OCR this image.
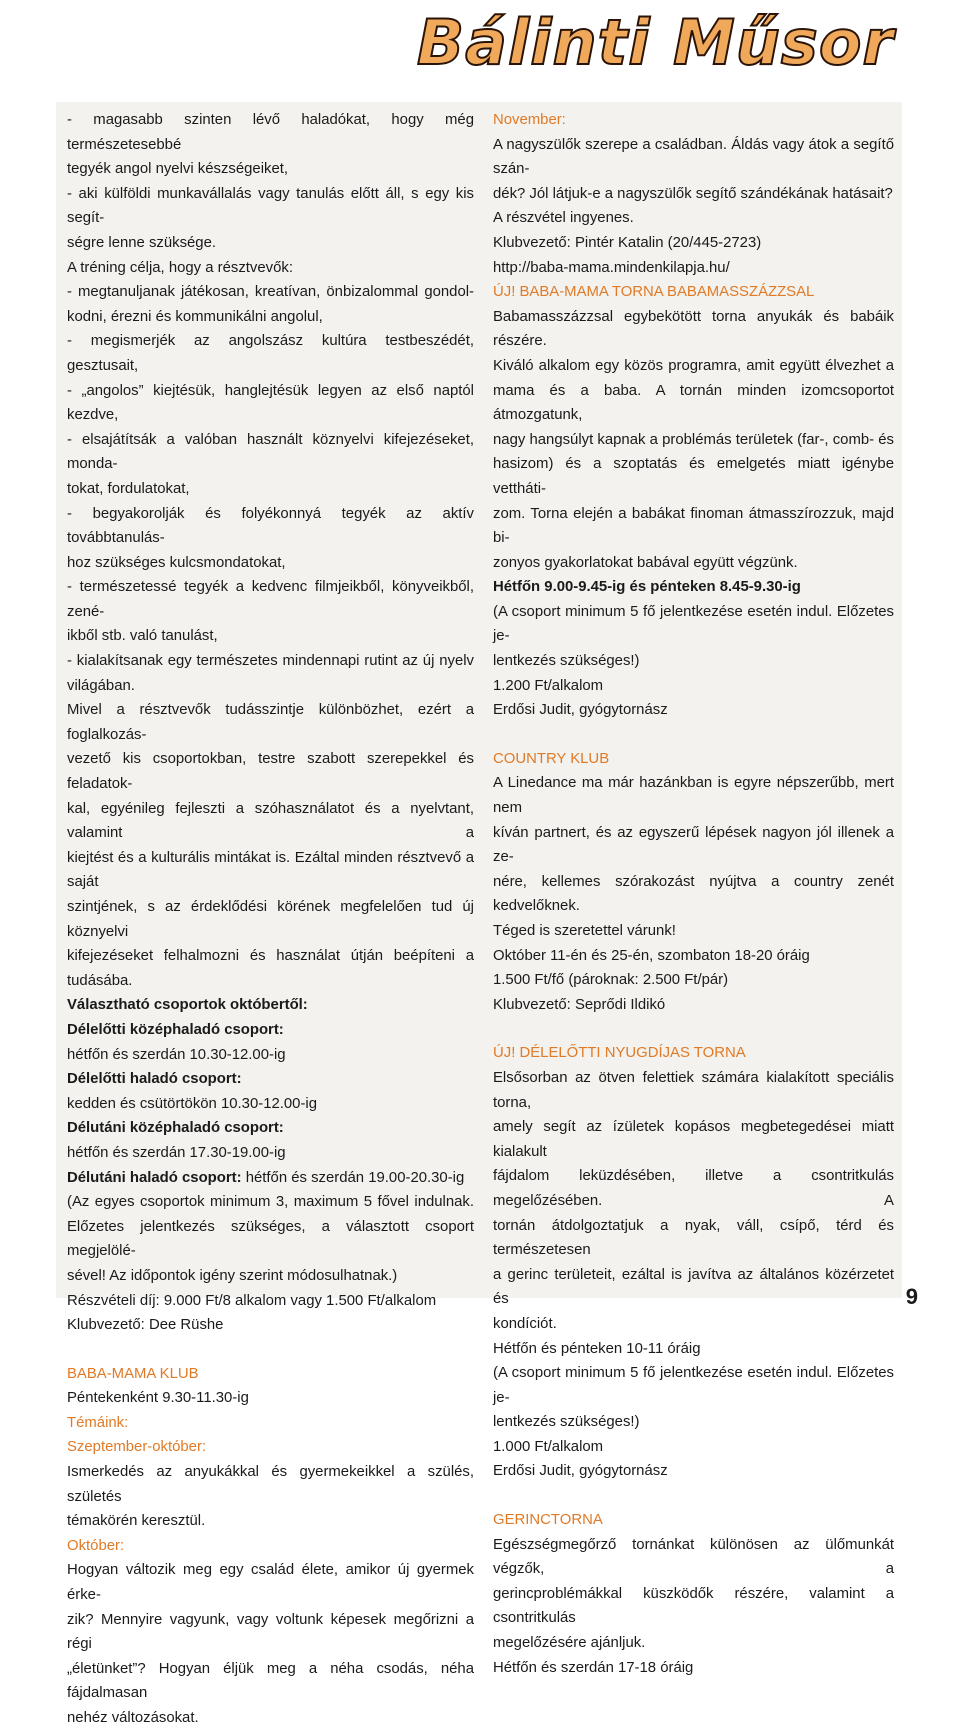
Bálinti Műsor
- magasabb szinten lévő haladókat, hogy még természetesebbé
tegyék angol nyelvi készségeiket,
- aki külföldi munkavállalás vagy tanulás előtt áll, s egy kis segít-
ségre lenne szüksége.
A tréning célja, hogy a résztvevők:
- megtanuljanak játékosan, kreatívan, önbizalommal gondol-
kodni, érezni és kommunikálni angolul,
- megismerjék az angolszász kultúra testbeszédét, gesztusait,
- „angolos” kiejtésük, hanglejtésük legyen az első naptól kezdve,
- elsajátítsák a valóban használt köznyelvi kifejezéseket, monda-
tokat, fordulatokat,
- begyakorolják és folyékonnyá tegyék az aktív továbbtanulás-
hoz szükséges kulcsmondatokat,
- természetessé tegyék a kedvenc filmjeikből, könyveikből, zené-
ikből stb. való tanulást,
- kialakítsanak egy természetes mindennapi rutint az új nyelv
világában.
Mivel a résztvevők tudásszintje különbözhet, ezért a foglalkozás-
vezető kis csoportokban, testre szabott szerepekkel és feladatok-
kal, egyénileg fejleszti a szóhasználatot és a nyelvtant, valamint a
kiejtést és a kulturális mintákat is. Ezáltal minden résztvevő a saját
szintjének, s az érdeklődési körének megfelelően tud új köznyelvi
kifejezéseket felhalmozni és használat útján beépíteni a tudásába.
Választható csoportok októbertől:
Délelőtti középhaladó csoport:
hétfőn és szerdán 10.30-12.00-ig
Délelőtti haladó csoport:
kedden és csütörtökön 10.30-12.00-ig
Délutáni középhaladó csoport:
hétfőn és szerdán 17.30-19.00-ig
Délutáni haladó csoport: hétfőn és szerdán 19.00-20.30-ig
(Az egyes csoportok minimum 3, maximum 5 fővel indulnak.
Előzetes jelentkezés szükséges, a választott csoport megjelölé-
sével! Az időpontok igény szerint módosulhatnak.)
Részvételi díj: 9.000 Ft/8 alkalom vagy 1.500 Ft/alkalom
Klubvezető: Dee Rüshe
BABA-MAMA KLUB
Péntekenként 9.30-11.30-ig
Témáink:
Szeptember-október:
Ismerkedés az anyukákkal és gyermekeikkel a szülés, születés
témakörén keresztül.
Október:
Hogyan változik meg egy család élete, amikor új gyermek érke-
zik? Mennyire vagyunk, vagy voltunk képesek megőrizni a régi
„életünket”? Hogyan éljük meg a néha csodás, néha fájdalmasan
nehéz változásokat.
November:
A nagyszülők szerepe a családban. Áldás vagy átok a segítő szán-
dék? Jól látjuk-e a nagyszülők segítő szándékának hatásait?
A részvétel ingyenes.
Klubvezető: Pintér Katalin (20/445-2723)
http://baba-mama.mindenkilapja.hu/
ÚJ! BABA-MAMA TORNA BABAMASSZÁZZSAL
Babamasszázzsal egybekötött torna anyukák és babáik részére.
Kiváló alkalom egy közös programra, amit együtt élvezhet a
mama és a baba. A tornán minden izomcsoportot átmozgatunk,
nagy hangsúlyt kapnak a problémás területek (far-, comb- és
hasizom) és a szoptatás és emelgetés miatt igénybe vettháti-
zom. Torna elején a babákat finoman átmasszírozzuk, majd bi-
zonyos gyakorlatokat babával együtt végzünk.
Hétfőn 9.00-9.45-ig és pénteken 8.45-9.30-ig
(A csoport minimum 5 fő jelentkezése esetén indul. Előzetes je-
lentkezés szükséges!)
1.200 Ft/alkalom
Erdősi Judit, gyógytornász
COUNTRY KLUB
A Linedance ma már hazánkban is egyre népszerűbb, mert nem
kíván partnert, és az egyszerű lépések nagyon jól illenek a ze-
nére, kellemes szórakozást nyújtva a country zenét kedvelőknek.
Téged is szeretettel várunk!
Október 11-én és 25-én, szombaton 18-20 óráig
1.500 Ft/fő (pároknak: 2.500 Ft/pár)
Klubvezető: Seprődi Ildikó
ÚJ! DÉLELŐTTI NYUGDÍJAS TORNA
Elsősorban az ötven felettiek számára kialakított speciális torna,
amely segít az ízületek kopásos megbetegedései miatt kialakult
fájdalom leküzdésében, illetve a csontritkulás megelőzésében. A
tornán átdolgoztatjuk a nyak, váll, csípő, térd és természetesen
a gerinc területeit, ezáltal is javítva az általános közérzetet és
kondíciót.
Hétfőn és pénteken 10-11 óráig
(A csoport minimum 5 fő jelentkezése esetén indul. Előzetes je-
lentkezés szükséges!)
1.000 Ft/alkalom
Erdősi Judit, gyógytornász
GERINCTORNA
Egészségmegőrző tornánkat különösen az ülőmunkát végzők, a
gerincproblémákkal küszködők részére, valamint a csontritkulás
megelőzésére ajánljuk.
Hétfőn és szerdán 17-18 óráig
9
